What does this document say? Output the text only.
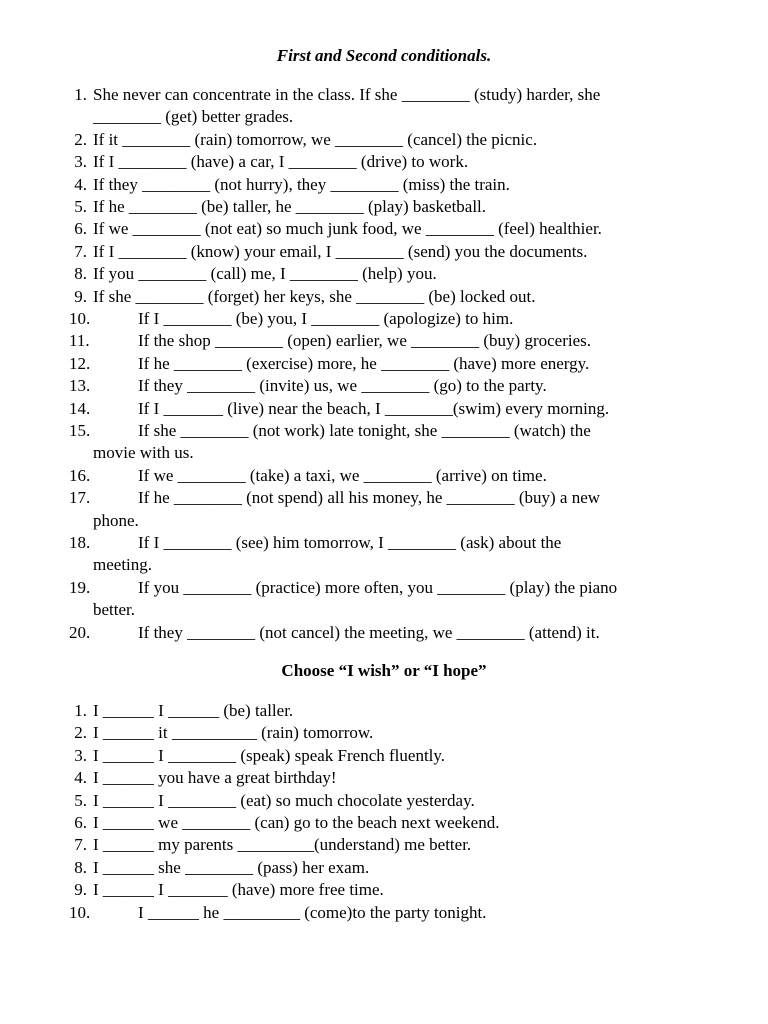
First and Second conditionals.

1. She never can concentrate in the class. If she ________ (study) harder, she
________ (get) better grades.
2. If it ________ (rain) tomorrow, we ________ (cancel) the picnic.
3. If I ________ (have) a car, I ________ (drive) to work.
4. If they ________ (not hurry), they ________ (miss) the train.
5. If he ________ (be) taller, he ________ (play) basketball.
6. If we ________ (not eat) so much junk food, we ________ (feel) healthier.
7. If I ________ (know) your email, I ________ (send) you the documents.
8. If you ________ (call) me, I ________ (help) you.
9. If she ________ (forget) her keys, she ________ (be) locked out.
10.	If I ________ (be) you, I ________ (apologize) to him.
11.	If the shop ________ (open) earlier, we ________ (buy) groceries.
12.	If he ________ (exercise) more, he ________ (have) more energy.
13.	If they ________ (invite) us, we ________ (go) to the party.
14.	If I _______ (live) near the beach, I ________(swim) every morning.
15.	If she ________ (not work) late tonight, she ________ (watch) the
movie with us.
16.	If we ________ (take) a taxi, we ________ (arrive) on time.
17.	If he ________ (not spend) all his money, he ________ (buy) a new
phone.
18.	If I ________ (see) him tomorrow, I ________ (ask) about the
meeting.
19.	If you ________ (practice) more often, you ________ (play) the piano
better.
20.	If they ________ (not cancel) the meeting, we ________ (attend) it.

Choose “I wish” or “I hope”

1. I ______ I ______ (be) taller.
2. I ______ it __________ (rain) tomorrow.
3. I ______ I ________ (speak) speak French fluently.
4. I ______ you have a great birthday!
5. I ______ I ________ (eat) so much chocolate yesterday.
6. I ______ we ________ (can) go to the beach next weekend.
7. I ______ my parents _________(understand) me better.
8. I ______ she ________ (pass) her exam.
9. I ______ I _______ (have) more free time.
10.	I ______ he _________ (come)to the party tonight.
